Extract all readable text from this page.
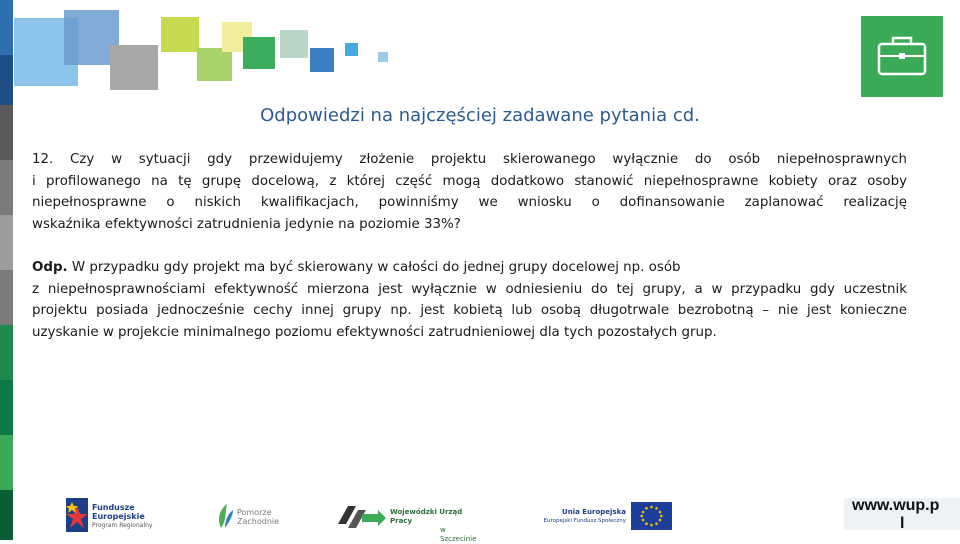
Odpowiedzi na najczęściej zadawane pytania cd.
12. Czy w sytuacji gdy przewidujemy złożenie projektu skierowanego wyłącznie do osób niepełnosprawnych
i profilowanego na tę grupę docelową, z której część mogą dodatkowo stanowić niepełnosprawne kobiety oraz osoby
niepełnosprawne o niskich kwalifikacjach, powinniśmy we wniosku o dofinansowanie zaplanować realizację
wskaźnika efektywności zatrudnienia jedynie na poziomie 33%?
Odp. W przypadku gdy projekt ma być skierowany w całości do jednej grupy docelowej np. osób
z niepełnosprawnościami efektywność mierzona jest wyłącznie w odniesieniu do tej grupy, a w przypadku gdy uczestnik
projektu posiada jednocześnie cechy innej grupy np. jest kobietą lub osobą długotrwale bezrobotną – nie jest konieczne
uzyskanie w projekcie minimalnego poziomu efektywności zatrudnieniowej dla tych pozostałych grup.
Fundusze
Europejskie
Program Regionalny
Pomorze
Zachodnie
Wojewódzki Urząd Pracy
w Szczecinie
Unia Europejska
Europejski Fundusz Społeczny
www.wup.p
l
